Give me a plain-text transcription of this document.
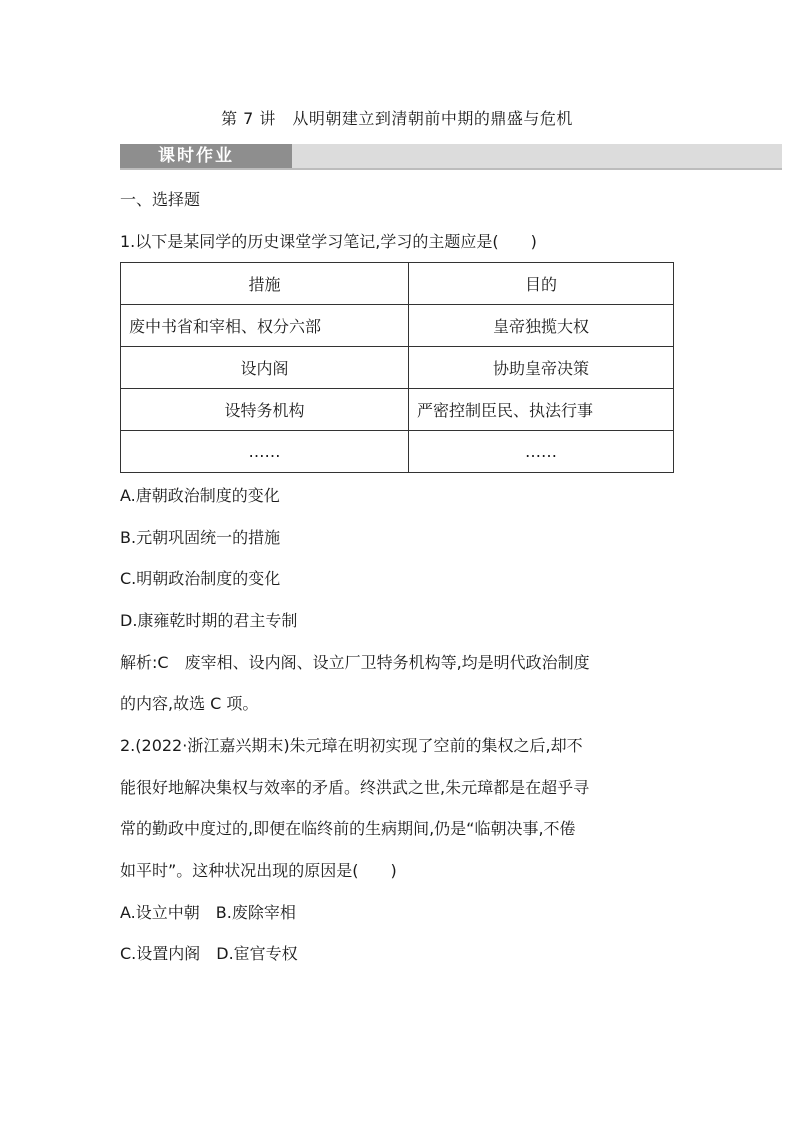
第 7 讲　从明朝建立到清朝前中期的鼎盛与危机
课时作业
一、选择题
1.以下是某同学的历史课堂学习笔记,学习的主题应是(　　)
措施	目的
废中书省和宰相、权分六部	皇帝独揽大权
设内阁	协助皇帝决策
设特务机构	严密控制臣民、执法行事
……	……
A.唐朝政治制度的变化
B.元朝巩固统一的措施
C.明朝政治制度的变化
D.康雍乾时期的君主专制
解析:C　废宰相、设内阁、设立厂卫特务机构等,均是明代政治制度
的内容,故选 C 项。
2.(2022·浙江嘉兴期末)朱元璋在明初实现了空前的集权之后,却不
能很好地解决集权与效率的矛盾。终洪武之世,朱元璋都是在超乎寻
常的勤政中度过的,即便在临终前的生病期间,仍是“临朝决事,不倦
如平时”。这种状况出现的原因是(　　)
A.设立中朝　B.废除宰相
C.设置内阁　D.宦官专权
